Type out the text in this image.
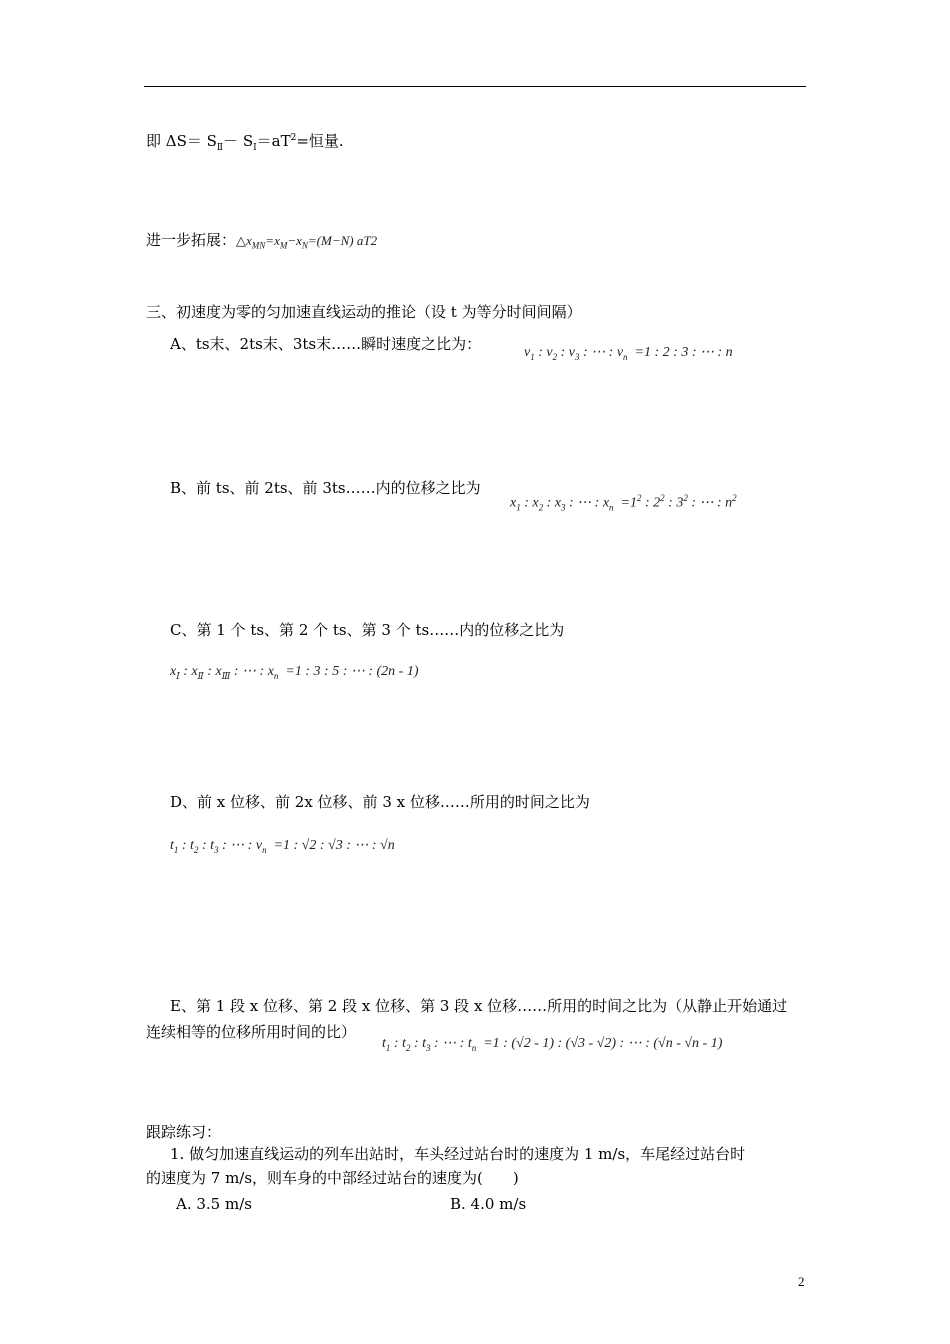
即 $\Delta S= S_Ⅱ- S_Ⅰ=aT^2=$恒量.
进一步拓展：$\triangle x_{MN}=x_M-x_N=(M-N)$ aT2
三、初速度为零的匀加速直线运动的推论（设 t 为等分时间间隔）
A、ts末、2ts末、3ts末……瞬时速度之比为：	$v_1$ : $v_2$ : $v_3$ : ⋯ : $v_n =1$ : 2 : 3 : ⋯ : n
B、前 ts、前 2ts、前 3ts……内的位移之比为
$x_1$ : $x_2$ : $x_3$ : ⋯ : $x_n =1^2$ : $2^2$ : $3^2$ : ⋯ : $n^2$
C、第 1 个 ts、第 2 个 ts、第 3 个 ts……内的位移之比为
$x_Ⅰ$ : $x_Ⅱ$ : $x_Ⅲ$ : ⋯ : $x_n =1$ : 3 : 5 : ⋯ : (2n - 1)
D、前 x 位移、前 2x 位移、前 3 x 位移……所用的时间之比为
$t_1$ : $t_2$ : $t_3$ : ⋯ : $v_n =1$ : √2 : √3 : ⋯ : √n
E、第 1 段 x 位移、第 2 段 x 位移、第 3 段 x 位移……所用的时间之比为（从静止开始通过
连续相等的位移所用时间的比）
$t_1$ : $t_2$ : $t_3$ : ⋯ : $t_n =1$ : (√2 - 1) : (√3 - √2) : ⋯ : (√n - √n - 1)
跟踪练习：
1. 做匀加速直线运动的列车出站时，车头经过站台时的速度为 1 m/s，车尾经过站台时
的速度为 7 m/s，则车身的中部经过站台的速度为(　　)
A. 3.5 m/s	B. 4.0 m/s
2
